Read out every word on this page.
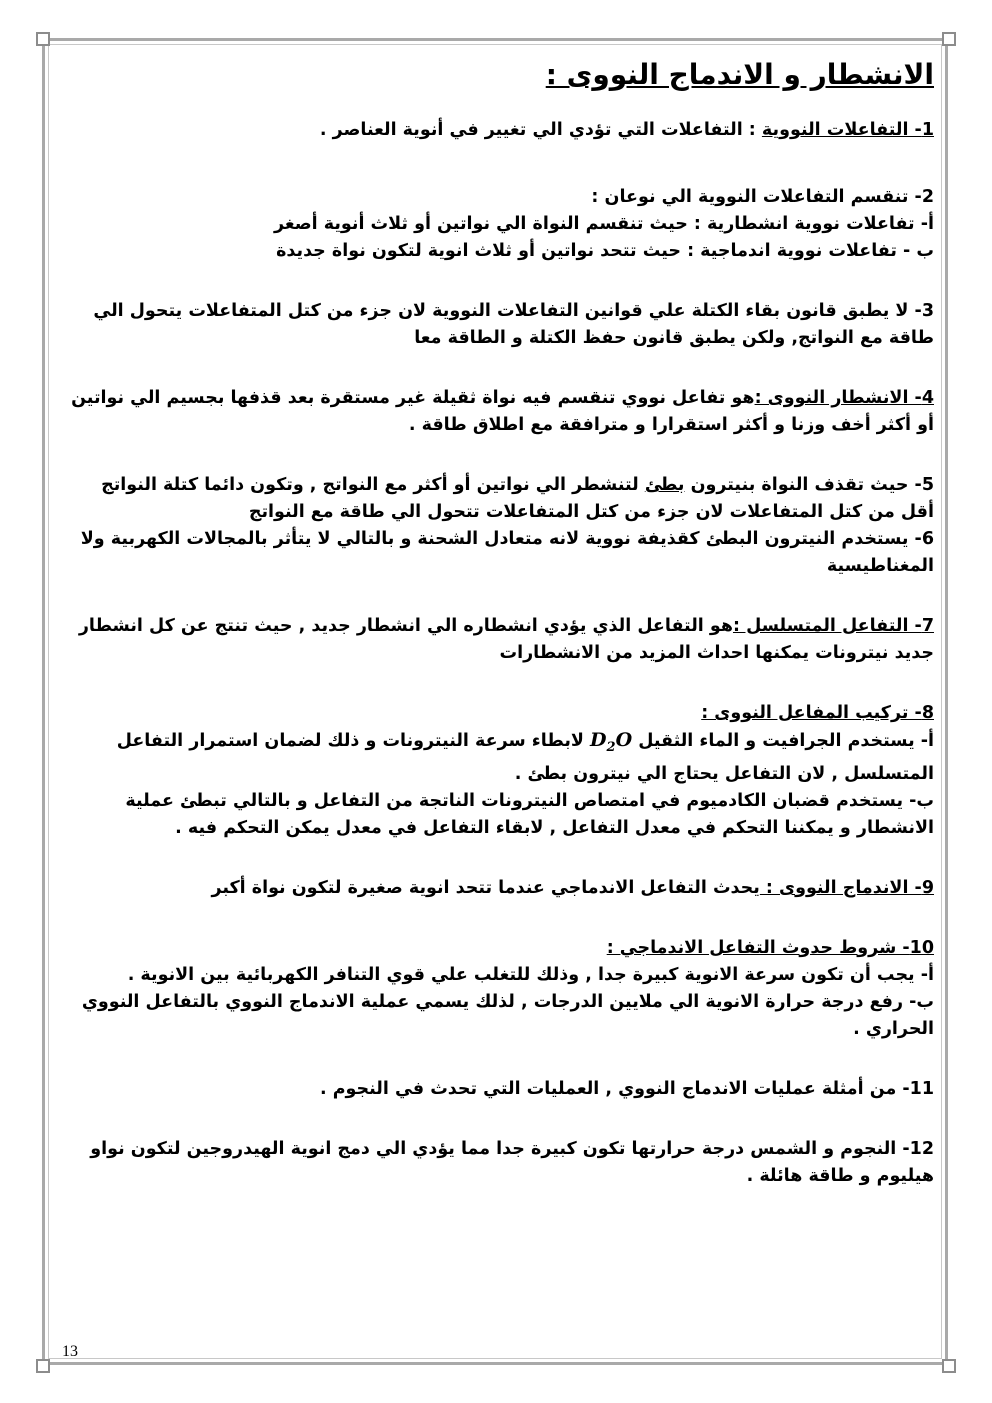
الانشطار و الاندماج النووى :
1- التفاعلات النووية : التفاعلات التي تؤدي الي تغيير في أنوية العناصر .
2- تنقسم التفاعلات النووية الي نوعان :
أ- تفاعلات نووية انشطارية : حيث تنقسم النواة الي نواتين أو ثلاث أنوية أصغر
ب - تفاعلات نووية اندماجية : حيث تتحد نواتين أو ثلاث انوية لتكون نواة جديدة
3- لا يطبق قانون بقاء الكتلة علي قوانين التفاعلات النووية لان جزء من كتل المتفاعلات يتحول الي
طاقة مع النواتج, ولكن يطبق قانون حفظ الكتلة و الطاقة معا
4- الانشطار النووى :هو تفاعل نووي تنقسم فيه نواة ثقيلة غير مستقرة بعد قذفها بجسيم الي نواتين
أو أكثر أخف وزنا و أكثر استقرارا و مترافقة مع اطلاق طاقة .
5- حيث تقذف النواة بنيترون بطئ لتنشطر الي نواتين أو أكثر مع النواتج , وتكون دائما كتلة النواتج
أقل من كتل المتفاعلات لان جزء من كتل المتفاعلات تتحول الي طاقة مع النواتج
6- يستخدم النيترون البطئ كقذيفة نووية لانه متعادل الشحنة و بالتالي لا يتأثر بالمجالات الكهربية ولا
المغناطيسية
7- التفاعل المتسلسل :هو التفاعل الذي يؤدي انشطاره الي انشطار جديد , حيث تنتج عن كل انشطار
جديد نيترونات يمكنها احداث المزيد من الانشطارات
8- تركيب المفاعل النووى :
أ- يستخدم الجرافيت و الماء الثقيل $D_2O$ لابطاء سرعة النيترونات و ذلك لضمان استمرار التفاعل
المتسلسل , لان التفاعل يحتاج الي نيترون بطئ .
ب- يستخدم قضبان الكادميوم في امتصاص النيترونات الناتجة من التفاعل و بالتالي تبطئ عملية
الانشطار و يمكننا التحكم في معدل التفاعل , لابقاء التفاعل في معدل يمكن التحكم فيه .
9- الاندماج النووى : يحدث التفاعل الاندماجي عندما تتحد انوية صغيرة لتكون نواة أكبر
10- شروط حدوث التفاعل الاندماجي :
أ- يجب أن تكون سرعة الانوية كبيرة جدا , وذلك للتغلب علي قوي التنافر الكهربائية بين الانوية .
ب- رفع درجة حرارة الانوية الي ملايين الدرجات , لذلك يسمي عملية الاندماج النووي بالتفاعل النووي
الحراري .
11- من أمثلة عمليات الاندماج النووي , العمليات التي تحدث في النجوم .
12- النجوم و الشمس درجة حرارتها تكون كبيرة جدا مما يؤدي الي دمج انوية الهيدروجين لتكون نواو
هيليوم و طاقة هائلة .
13
